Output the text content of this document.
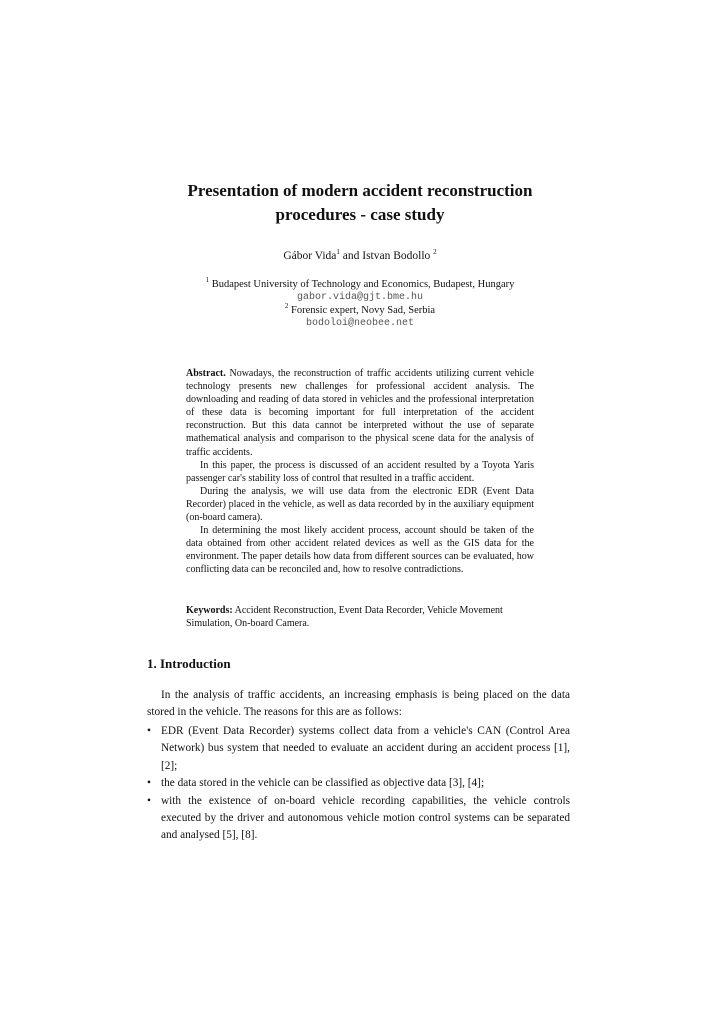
Presentation of modern accident reconstruction
procedures - case study
Gábor Vida$^1$ and Istvan Bodollo $^2$
$^1$ Budapest University of Technology and Economics, Budapest, Hungary
gabor.vida@gjt.bme.hu
$^2$ Forensic expert, Novy Sad, Serbia
bodoloi@neobee.net

Abstract. Nowadays, the reconstruction of traffic accidents utilizing current vehicle technology presents new challenges for professional accident analysis. The downloading and reading of data stored in vehicles and the professional interpretation of these data is becoming important for full interpretation of the accident reconstruction. But this data cannot be interpreted without the use of separate mathematical analysis and comparison to the physical scene data for the analysis of traffic accidents.

In this paper, the process is discussed of an accident resulted by a Toyota Yaris passenger car's stability loss of control that resulted in a traffic accident.

During the analysis, we will use data from the electronic EDR (Event Data Recorder) placed in the vehicle, as well as data recorded by in the auxiliary equipment (on-board camera).

In determining the most likely accident process, account should be taken of the data obtained from other accident related devices as well as the GIS data for the environment. The paper details how data from different sources can be evaluated, how conflicting data can be reconciled and, how to resolve contradictions.

Keywords: Accident Reconstruction, Event Data Recorder, Vehicle Movement Simulation, On-board Camera.

1. Introduction

In the analysis of traffic accidents, an increasing emphasis is being placed on the data stored in the vehicle. The reasons for this are as follows:

• EDR (Event Data Recorder) systems collect data from a vehicle's CAN (Control Area Network) bus system that needed to evaluate an accident during an accident process [1], [2];
• the data stored in the vehicle can be classified as objective data [3], [4];
• with the existence of on-board vehicle recording capabilities, the vehicle controls executed by the driver and autonomous vehicle motion control systems can be separated and analysed [5], [8].
